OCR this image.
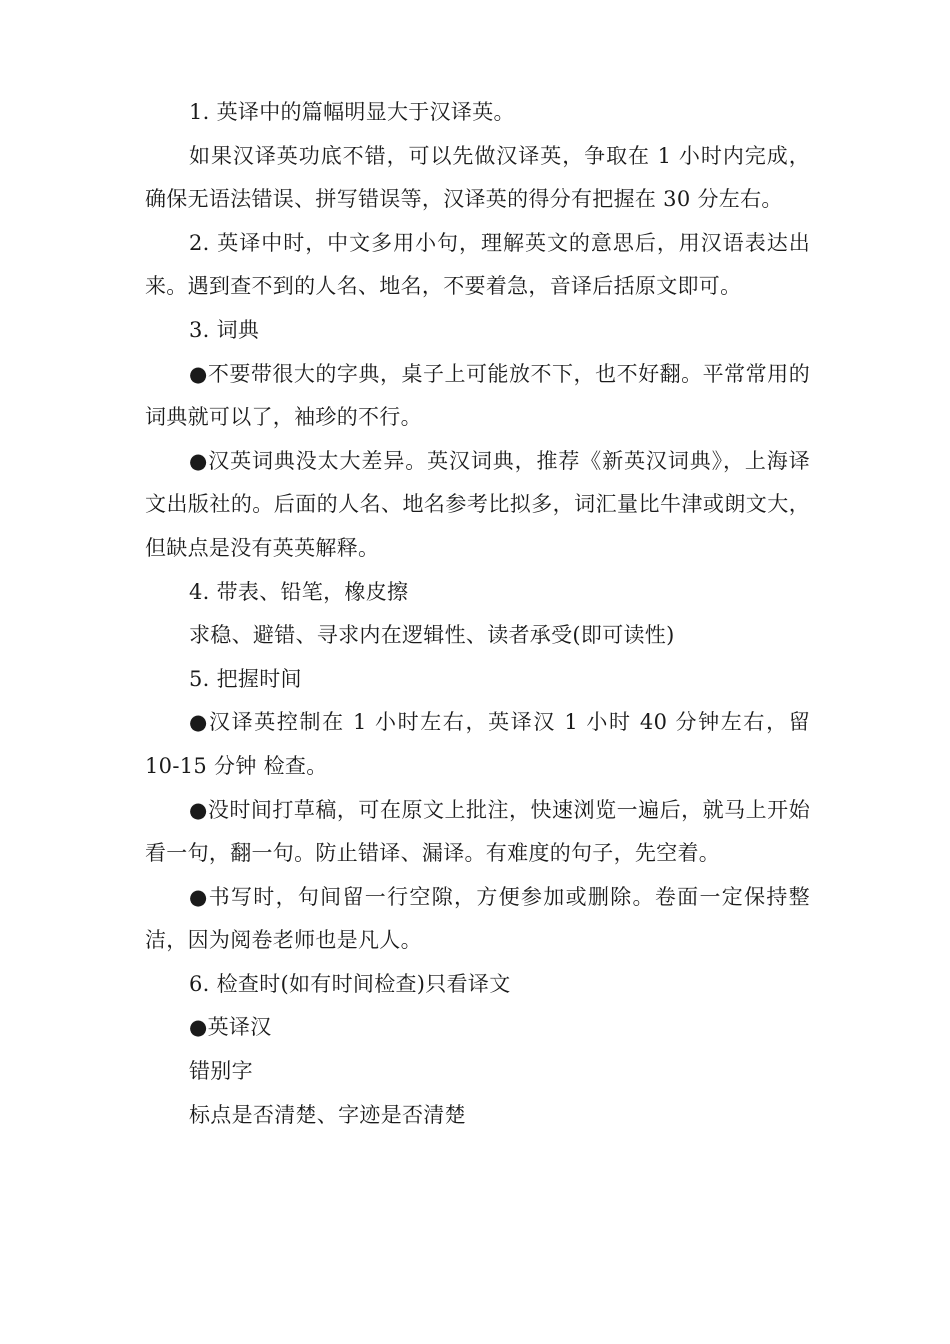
1. 英译中的篇幅明显大于汉译英。

如果汉译英功底不错，可以先做汉译英，争取在 1 小时内完成，确保无语法错误、拼写错误等，汉译英的得分有把握在 30 分左右。

2. 英译中时，中文多用小句，理解英文的意思后，用汉语表达出来。遇到查不到的人名、地名，不要着急，音译后括原文即可。

3. 词典

●不要带很大的字典，桌子上可能放不下，也不好翻。平常常用的词典就可以了，袖珍的不行。

●汉英词典没太大差异。英汉词典，推荐《新英汉词典》，上海译文出版社的。后面的人名、地名参考比拟多，词汇量比牛津或朗文大，但缺点是没有英英解释。

4. 带表、铅笔，橡皮擦

求稳、避错、寻求内在逻辑性、读者承受(即可读性)

5. 把握时间

●汉译英控制在 1 小时左右，英译汉 1 小时 40 分钟左右，留 10-15 分钟 检查。

●没时间打草稿，可在原文上批注，快速浏览一遍后，就马上开始看一句，翻一句。防止错译、漏译。有难度的句子，先空着。

●书写时，句间留一行空隙，方便参加或删除。卷面一定保持整洁，因为阅卷老师也是凡人。

6. 检查时(如有时间检查)只看译文

●英译汉

错别字

标点是否清楚、字迹是否清楚
